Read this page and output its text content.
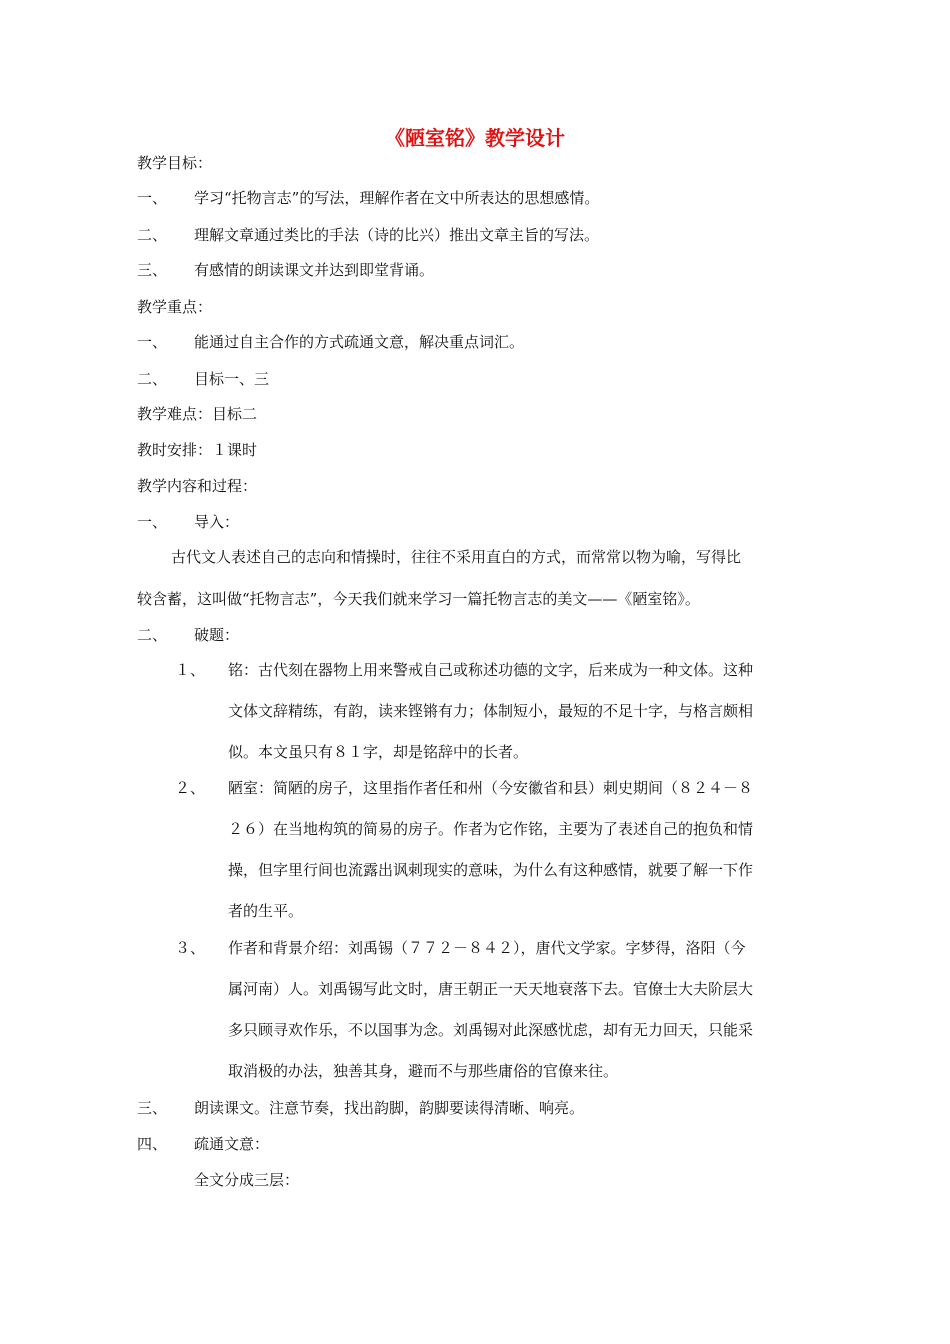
《陋室铭》教学设计

教学目标：

一、 学习“托物言志”的写法，理解作者在文中所表达的思想感情。

二、 理解文章通过类比的手法（诗的比兴）推出文章主旨的写法。

三、 有感情的朗读课文并达到即堂背诵。

教学重点：

一、 能通过自主合作的方式疏通文意，解决重点词汇。

二、 目标一、三

教学难点：目标二

教时安排：１课时

教学内容和过程：

一、 导入：

古代文人表述自己的志向和情操时，往往不采用直白的方式，而常常以物为喻，写得比

较含蓄，这叫做“托物言志”，今天我们就来学习一篇托物言志的美文——《陋室铭》。

二、 破题：

１、 铭：古代刻在器物上用来警戒自己或称述功德的文字，后来成为一种文体。这种
文体文辞精练，有韵，读来铿锵有力；体制短小，最短的不足十字，与格言颇相
似。本文虽只有８１字，却是铭辞中的长者。
２、 陋室：简陋的房子，这里指作者任和州（今安徽省和县）刺史期间（８２４－８
２６）在当地构筑的简易的房子。作者为它作铭，主要为了表述自己的抱负和情
操，但字里行间也流露出讽刺现实的意味，为什么有这种感情，就要了解一下作
者的生平。
３、 作者和背景介绍：刘禹锡（７７２－８４２），唐代文学家。字梦得，洛阳（今
属河南）人。刘禹锡写此文时，唐王朝正一天天地衰落下去。官僚士大夫阶层大
多只顾寻欢作乐，不以国事为念。刘禹锡对此深感忧虑，却有无力回天，只能采
取消极的办法，独善其身，避而不与那些庸俗的官僚来往。

三、 朗读课文。注意节奏，找出韵脚，韵脚要读得清晰、响亮。

四、 疏通文意：

全文分成三层：
